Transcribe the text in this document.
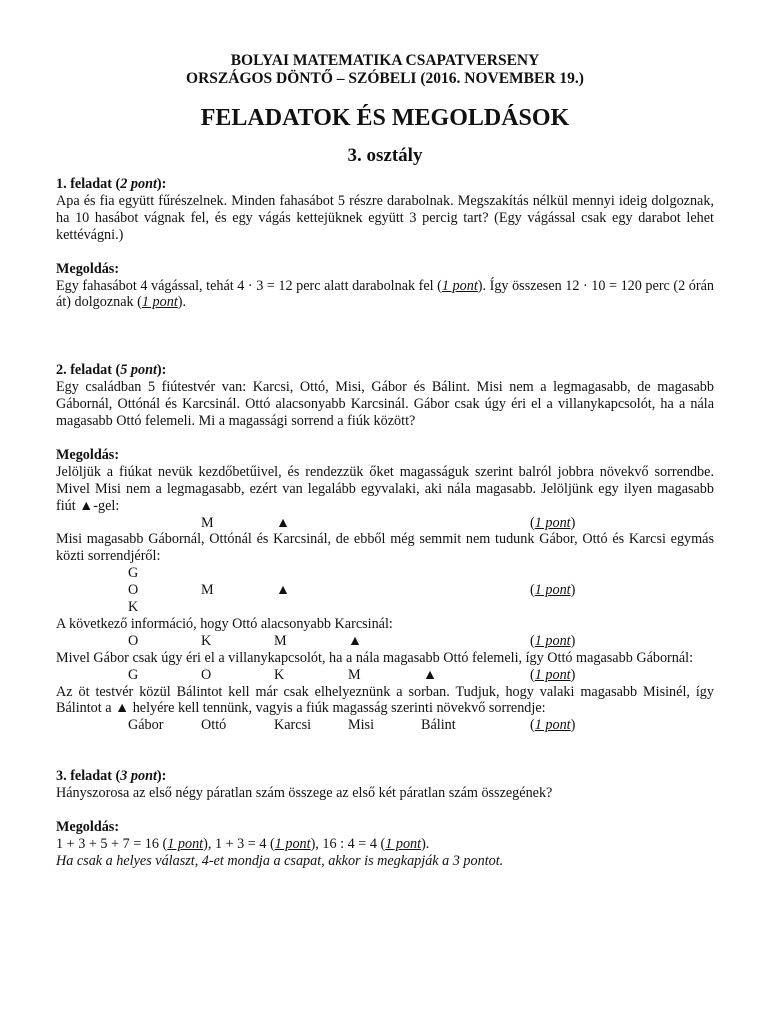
BOLYAI MATEMATIKA CSAPATVERSENY
ORSZÁGOS DÖNTŐ – SZÓBELI (2016. NOVEMBER 19.)
FELADATOK ÉS MEGOLDÁSOK
3. osztály
1. feladat (2 pont):
Apa és fia együtt fűrészelnek. Minden fahasábot 5 részre darabolnak. Megszakítás nélkül mennyi ideig dolgoznak, ha 10 hasábot vágnak fel, és egy vágás kettejüknek együtt 3 percig tart? (Egy vágással csak egy darabot lehet kettévágni.)
Megoldás:
Egy fahasábot 4 vágással, tehát 4 · 3 = 12 perc alatt darabolnak fel (1 pont). Így összesen 12 · 10 = 120 perc (2 órán át) dolgoznak (1 pont).
2. feladat (5 pont):
Egy családban 5 fiútestvér van: Karcsi, Ottó, Misi, Gábor és Bálint. Misi nem a legmagasabb, de magasabb Gábornál, Ottónál és Karcsinál. Ottó alacsonyabb Karcsinál. Gábor csak úgy éri el a villanykapcsolót, ha a nála magasabb Ottó felemeli. Mi a magassági sorrend a fiúk között?
Megoldás:
Jelöljük a fiúkat nevük kezdőbetűivel, és rendezzük őket magasságuk szerint balról jobbra növekvő sorrendbe. Mivel Misi nem a legmagasabb, ezért van legalább egyvalaki, aki nála magasabb. Jelöljünk egy ilyen magasabb fiút ▲-gel:
M	▲	(1 pont)
Misi magasabb Gábornál, Ottónál és Karcsinál, de ebből még semmit nem tudunk Gábor, Ottó és Karcsi egymás közti sorrendjéről:
G
O	M	▲	(1 pont)
K
A következő információ, hogy Ottó alacsonyabb Karcsinál:
O	K	M	▲	(1 pont)
Mivel Gábor csak úgy éri el a villanykapcsolót, ha a nála magasabb Ottó felemeli, így Ottó magasabb Gábornál:
G	O	K	M	▲	(1 pont)
Az öt testvér közül Bálintot kell már csak elhelyeznünk a sorban. Tudjuk, hogy valaki magasabb Misinél, így Bálintot a ▲ helyére kell tennünk, vagyis a fiúk magasság szerinti növekvő sorrendje:
Gábor	Ottó	Karcsi	Misi	Bálint	(1 pont)
3. feladat (3 pont):
Hányszorosa az első négy páratlan szám összege az első két páratlan szám összegének?
Megoldás:
1 + 3 + 5 + 7 = 16 (1 pont), 1 + 3 = 4 (1 pont), 16 : 4 = 4 (1 pont).
Ha csak a helyes választ, 4-et mondja a csapat, akkor is megkapják a 3 pontot.
